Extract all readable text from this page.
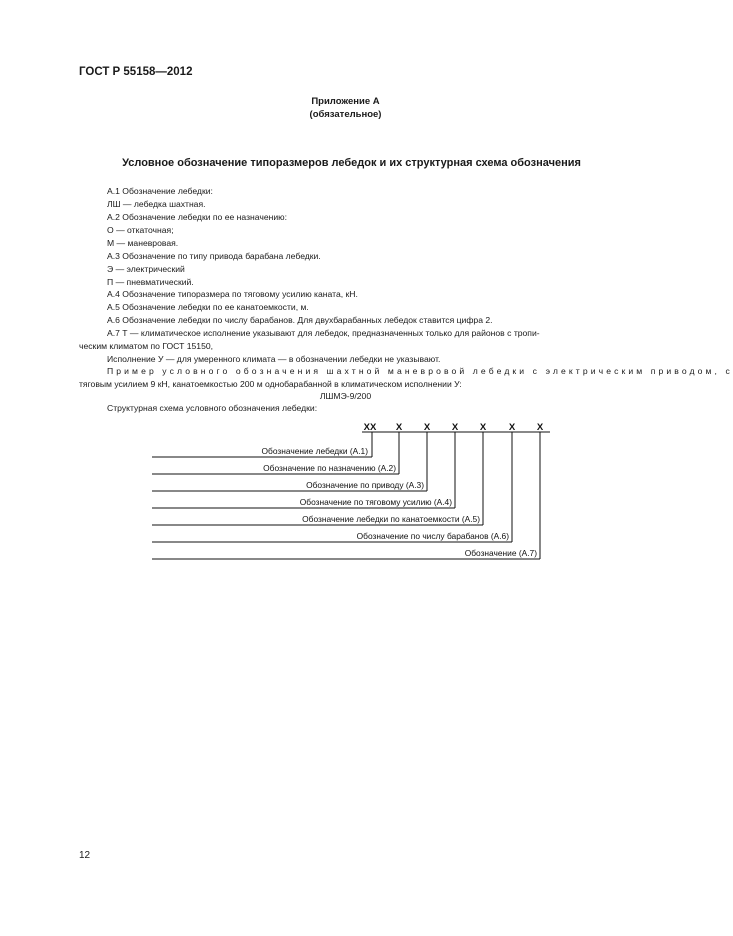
ГОСТ Р 55158—2012
Приложение А
(обязательное)
Условное обозначение типоразмеров лебедок и их структурная схема обозначения
А.1 Обозначение лебедки:
ЛШ — лебедка шахтная.
А.2 Обозначение лебедки по ее назначению:
О — откаточная;
М — маневровая.
А.3 Обозначение по типу привода барабана лебедки.
Э — электрический
П — пневматический.
А.4 Обозначение типоразмера по тяговому усилию каната, кН.
А.5 Обозначение лебедки по ее канатоемкости, м.
А.6 Обозначение лебедки по числу барабанов. Для двухбарабанных лебедок ставится цифра 2.
А.7 Т — климатическое исполнение указывают для лебедок, предназначенных только для районов с тропи-
ческим климатом по ГОСТ 15150,
Исполнение У — для умеренного климата — в обозначении лебедки не указывают.
Пример условного обозначения шахтной маневровой лебедки с электрическим приводом, с
тяговым усилием 9 кН, канатоемкостью 200 м однобарабанной в климатическом исполнении У:
ЛШМЭ-9/200
Структурная схема условного обозначения лебедки:
XX X X X X X X
Обозначение лебедки (А.1)
Обозначение по назначению (А.2)
Обозначение по приводу (А.3)
Обозначение по тяговому усилию (А.4)
Обозначение лебедки по канатоемкости (А.5)
Обозначение по числу барабанов (А.6)
Обозначение (А.7)
12
